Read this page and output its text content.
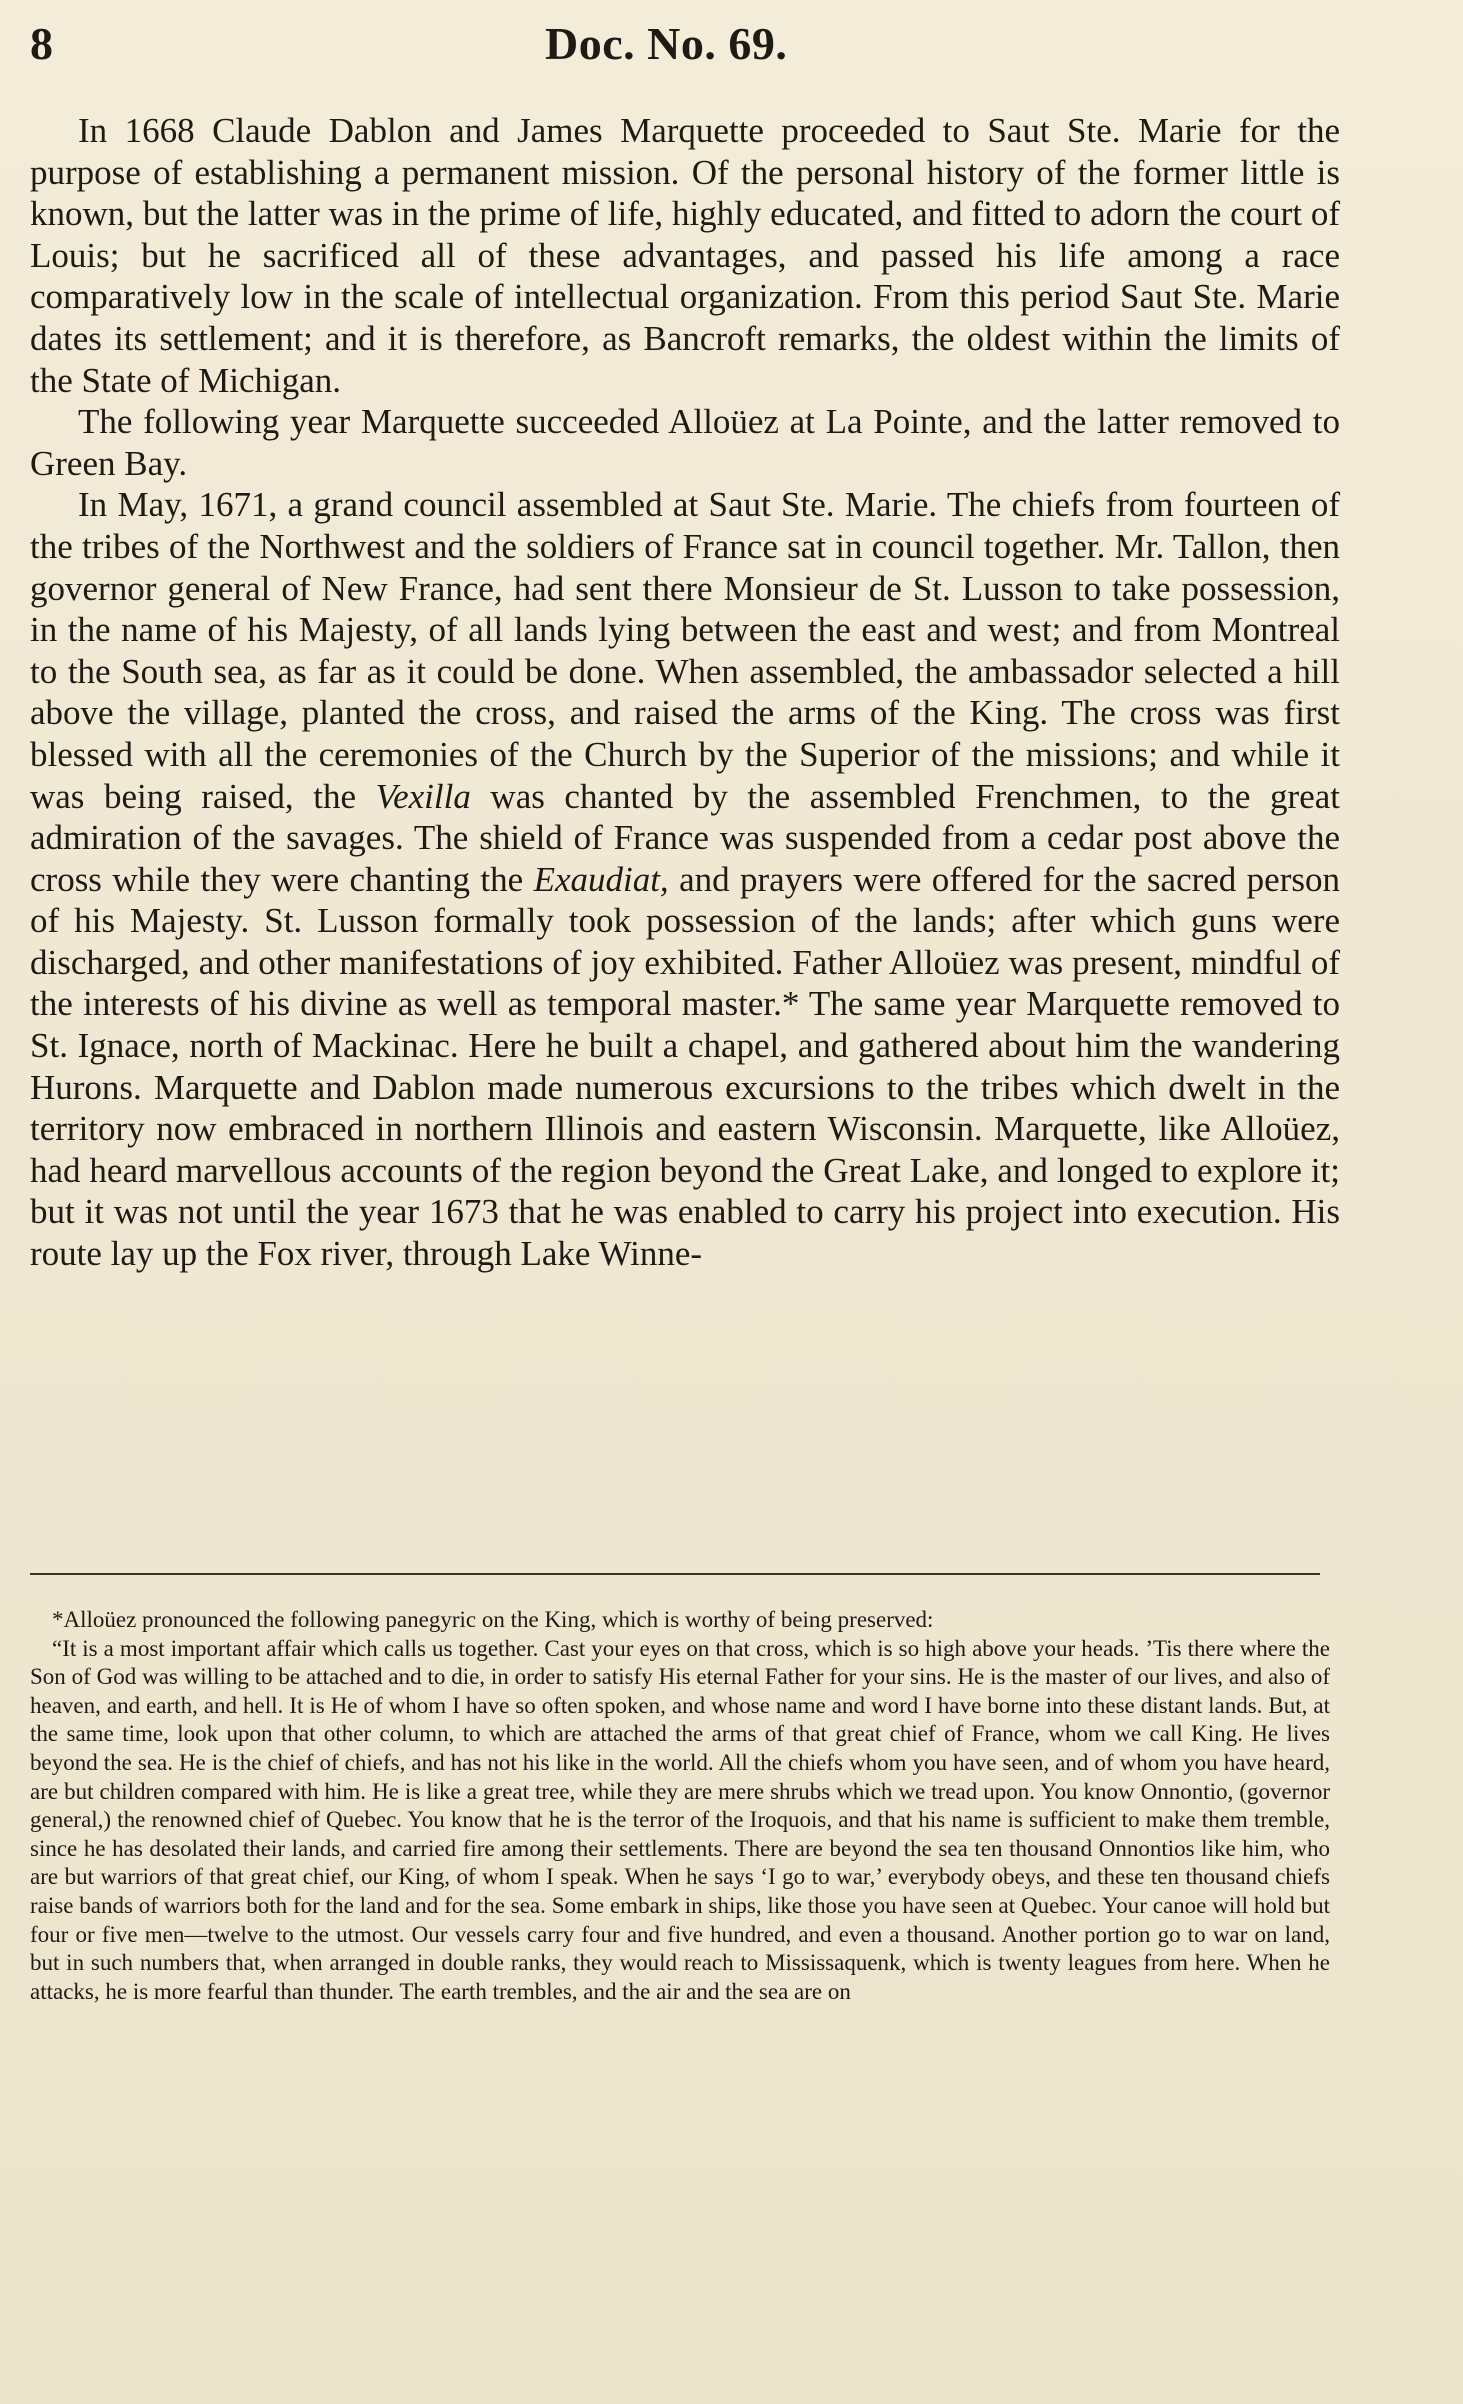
8	Doc. No. 69.

In 1668 Claude Dablon and James Marquette proceeded to Saut Ste. Marie for the purpose of establishing a permanent mission. Of the personal history of the former little is known, but the latter was in the prime of life, highly educated, and fitted to adorn the court of Louis; but he sacrificed all of these advantages, and passed his life among a race comparatively low in the scale of intellectual organization. From this period Saut Ste. Marie dates its settlement; and it is therefore, as Bancroft remarks, the oldest within the limits of the State of Michigan.

The following year Marquette succeeded Alloüez at La Pointe, and the latter removed to Green Bay.

In May, 1671, a grand council assembled at Saut Ste. Marie. The chiefs from fourteen of the tribes of the Northwest and the soldiers of France sat in council together. Mr. Tallon, then governor general of New France, had sent there Monsieur de St. Lusson to take possession, in the name of his Majesty, of all lands lying between the east and west; and from Montreal to the South sea, as far as it could be done. When assembled, the ambassador selected a hill above the village, planted the cross, and raised the arms of the King. The cross was first blessed with all the ceremonies of the Church by the Superior of the missions; and while it was being raised, the Vexilla was chanted by the assembled Frenchmen, to the great admiration of the savages. The shield of France was suspended from a cedar post above the cross while they were chanting the Exaudiat, and prayers were offered for the sacred person of his Majesty. St. Lusson formally took possession of the lands; after which guns were discharged, and other manifestations of joy exhibited. Father Alloüez was present, mindful of the interests of his divine as well as temporal master.* The same year Marquette removed to St. Ignace, north of Mackinac. Here he built a chapel, and gathered about him the wandering Hurons. Marquette and Dablon made numerous excursions to the tribes which dwelt in the territory now embraced in northern Illinois and eastern Wisconsin. Marquette, like Alloüez, had heard marvellous accounts of the region beyond the Great Lake, and longed to explore it; but it was not until the year 1673 that he was enabled to carry his project into execution. His route lay up the Fox river, through Lake Winne-

*Alloüez pronounced the following panegyric on the King, which is worthy of being preserved:

“It is a most important affair which calls us together. Cast your eyes on that cross, which is so high above your heads. ’Tis there where the Son of God was willing to be attached and to die, in order to satisfy His eternal Father for your sins. He is the master of our lives, and also of heaven, and earth, and hell. It is He of whom I have so often spoken, and whose name and word I have borne into these distant lands. But, at the same time, look upon that other column, to which are attached the arms of that great chief of France, whom we call King. He lives beyond the sea. He is the chief of chiefs, and has not his like in the world. All the chiefs whom you have seen, and of whom you have heard, are but children compared with him. He is like a great tree, while they are mere shrubs which we tread upon. You know Onnontio, (governor general,) the renowned chief of Quebec. You know that he is the terror of the Iroquois, and that his name is sufficient to make them tremble, since he has desolated their lands, and carried fire among their settlements. There are beyond the sea ten thousand Onnontios like him, who are but warriors of that great chief, our King, of whom I speak. When he says ‘I go to war,’ everybody obeys, and these ten thousand chiefs raise bands of warriors both for the land and for the sea. Some embark in ships, like those you have seen at Quebec. Your canoe will hold but four or five men—twelve to the utmost. Our vessels carry four and five hundred, and even a thousand. Another portion go to war on land, but in such numbers that, when arranged in double ranks, they would reach to Mississaquenk, which is twenty leagues from here. When he attacks, he is more fearful than thunder. The earth trembles, and the air and the sea are on
